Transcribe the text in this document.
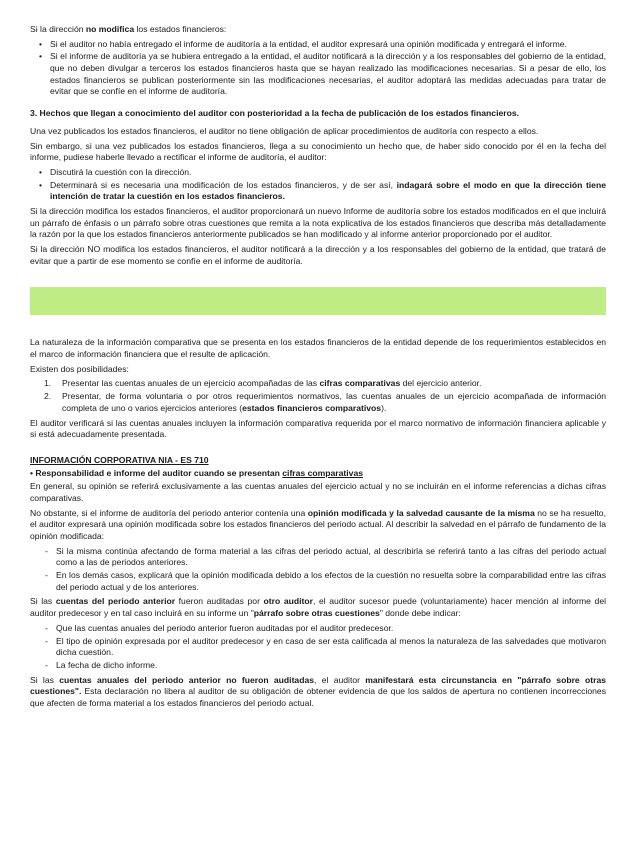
Si la dirección no modifica los estados financieros:

• Si el auditor no había entregado el informe de auditoría a la entidad, el auditor expresará una opinión modificada y entregará el informe.
• Si el informe de auditoría ya se hubiera entregado a la entidad, el auditor notificará a la dirección y a los responsables del gobierno de la entidad, que no deben divulgar a terceros los estados financieros hasta que se hayan realizado las modificaciones necesarias. Si a pesar de ello, los estados financieros se publican posteriormente sin las modificaciones necesarias, el auditor adoptará las medidas adecuadas para tratar de evitar que se confíe en el informe de auditoría.

3. Hechos que llegan a conocimiento del auditor con posterioridad a la fecha de publicación de los estados financieros.

Una vez publicados los estados financieros, el auditor no tiene obligación de aplicar procedimientos de auditoría con respecto a ellos.

Sin embargo, si una vez publicados los estados financieros, llega a su conocimiento un hecho que, de haber sido conocido por él en la fecha del informe, pudiese haberle llevado a rectificar el informe de auditoría, el auditor:

• Discutirá la cuestión con la dirección.
• Determinará si es necesaria una modificación de los estados financieros, y de ser así, indagará sobre el modo en que la dirección tiene intención de tratar la cuestión en los estados financieros.

Si la dirección modifica los estados financieros, el auditor proporcionará un nuevo Informe de auditoría sobre los estados modificados en el que incluirá un párrafo de énfasis o un párrafo sobre otras cuestiones que remita a la nota explicativa de los estados financieros que describa más detalladamente la razón por la que los estados financieros anteriormente publicados se han modificado y al informe anterior proporcionado por el auditor.

Si la dirección NO modifica los estados financieros, el auditor notificará a la dirección y a los responsables del gobierno de la entidad, que tratará de evitar que a partir de ese momento se confíe en el informe de auditoría.

La naturaleza de la información comparativa que se presenta en los estados financieros de la entidad depende de los requerimientos establecidos en el marco de información financiera que el resulte de aplicación.

Existen dos posibilidades:

1. Presentar las cuentas anuales de un ejercicio acompañadas de las cifras comparativas del ejercicio anterior.
2. Presentar, de forma voluntaria o por otros requerimientos normativos, las cuentas anuales de un ejercicio acompañada de información completa de uno o varios ejercicios anteriores (estados financieros comparativos).

El auditor verificará si las cuentas anuales incluyen la información comparativa requerida por el marco normativo de información financiera aplicable y si está adecuadamente presentada.

INFORMACIÓN CORPORATIVA NIA - ES 710

• Responsabilidad e informe del auditor cuando se presentan cifras comparativas

En general, su opinión se referirá exclusivamente a las cuentas anuales del ejercicio actual y no se incluirán en el informe referencias a dichas cifras comparativas.

No obstante, si el informe de auditoría del periodo anterior contenía una opinión modificada y la salvedad causante de la misma no se ha resuelto, el auditor expresará una opinión modificada sobre los estados financieros del periodo actual. Al describir la salvedad en el párrafo de fundamento de la opinión modificada:

- Si la misma continúa afectando de forma material a las cifras del periodo actual, al describirla se referirá tanto a las cifras del periodo actual como a las de periodos anteriores.
- En los demás casos, explicará que la opinión modificada debido a los efectos de la cuestión no resuelta sobre la comparabilidad entre las cifras del periodo actual y de los anteriores.

Si las cuentas del periodo anterior fueron auditadas por otro auditor, el auditor sucesor puede (voluntariamente) hacer mención al informe del auditor predecesor y en tal caso incluirá en su informe un "párrafo sobre otras cuestiones" donde debe indicar:

- Que las cuentas anuales del periodo anterior fueron auditadas por el auditor predecesor.
- El tipo de opinión expresada por el auditor predecesor y en caso de ser esta calificada al menos la naturaleza de las salvedades que motivaron dicha cuestión.
- La fecha de dicho informe.

Si las cuentas anuales del periodo anterior no fueron auditadas, el auditor manifestará esta circunstancia en "párrafo sobre otras cuestiones". Esta declaración no libera al auditor de su obligación de obtener evidencia de que los saldos de apertura no contienen incorrecciones que afecten de forma material a los estados financieros del periodo actual.
